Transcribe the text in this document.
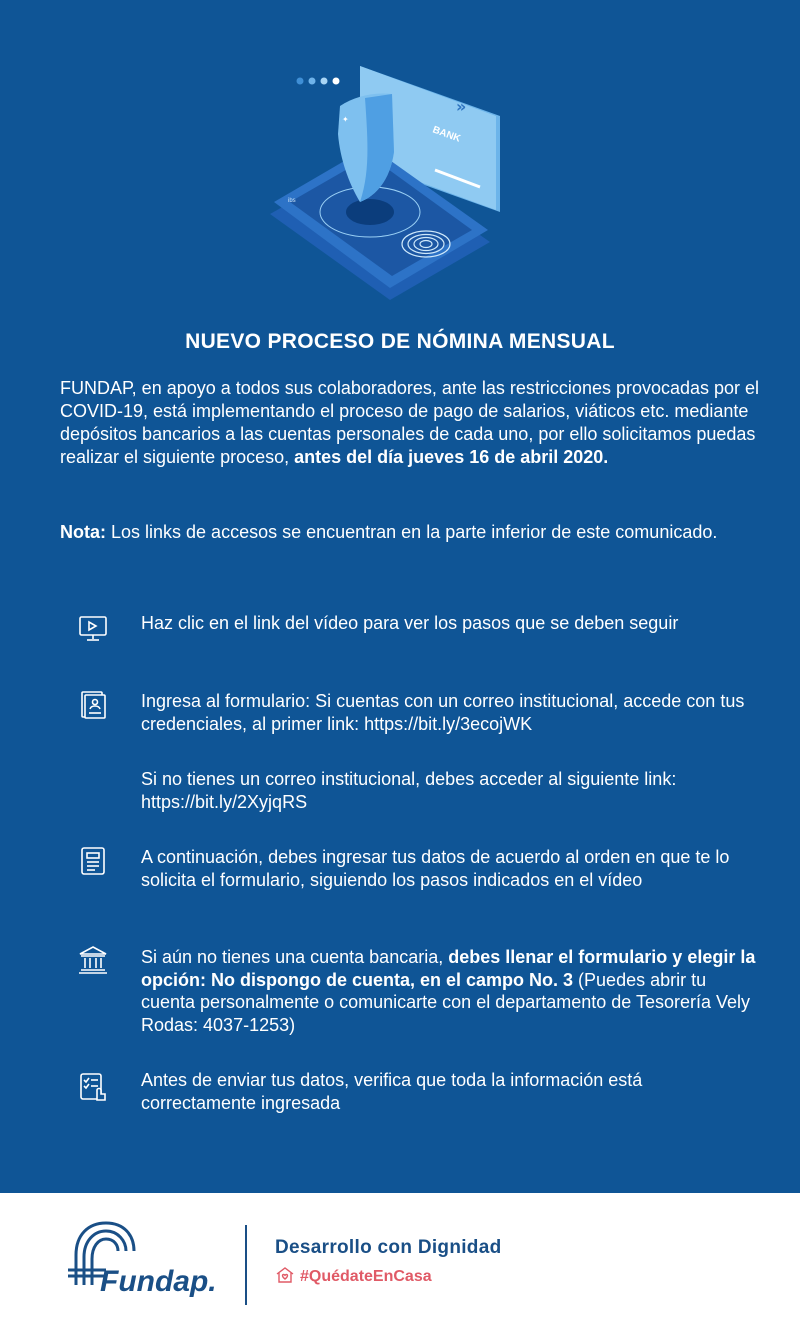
BANK
»
ibs
✦
NUEVO PROCESO DE NÓMINA MENSUAL
FUNDAP, en apoyo a todos sus colaboradores, ante las restricciones provocadas por el COVID-19, está implementando el proceso de pago de salarios, viáticos etc. mediante depósitos bancarios a las cuentas personales de cada uno, por ello solicitamos puedas realizar el siguiente proceso, antes del día jueves 16 de abril 2020.
Nota: Los links de accesos se encuentran en la parte inferior de este comunicado.
Haz clic en el link del vídeo para ver los pasos que se deben seguir
Ingresa al formulario: Si cuentas con un correo institucional, accede con tus credenciales, al primer link: https://bit.ly/3ecojWK
Si no tienes un correo institucional, debes acceder al siguiente link: https://bit.ly/2XyjqRS
A continuación, debes ingresar tus datos de acuerdo al orden en que te lo solicita el formulario, siguiendo los pasos indicados en el vídeo
Si aún no tienes una cuenta bancaria, debes llenar el formulario y elegir la opción: No dispongo de cuenta, en el campo No. 3 (Puedes abrir tu cuenta personalmente o comunicarte con el departamento de Tesorería Vely Rodas: 4037-1253)
Antes de enviar tus datos, verifica que toda la información está correctamente ingresada
Fundap.
Desarrollo con Dignidad
#QuédateEnCasa
